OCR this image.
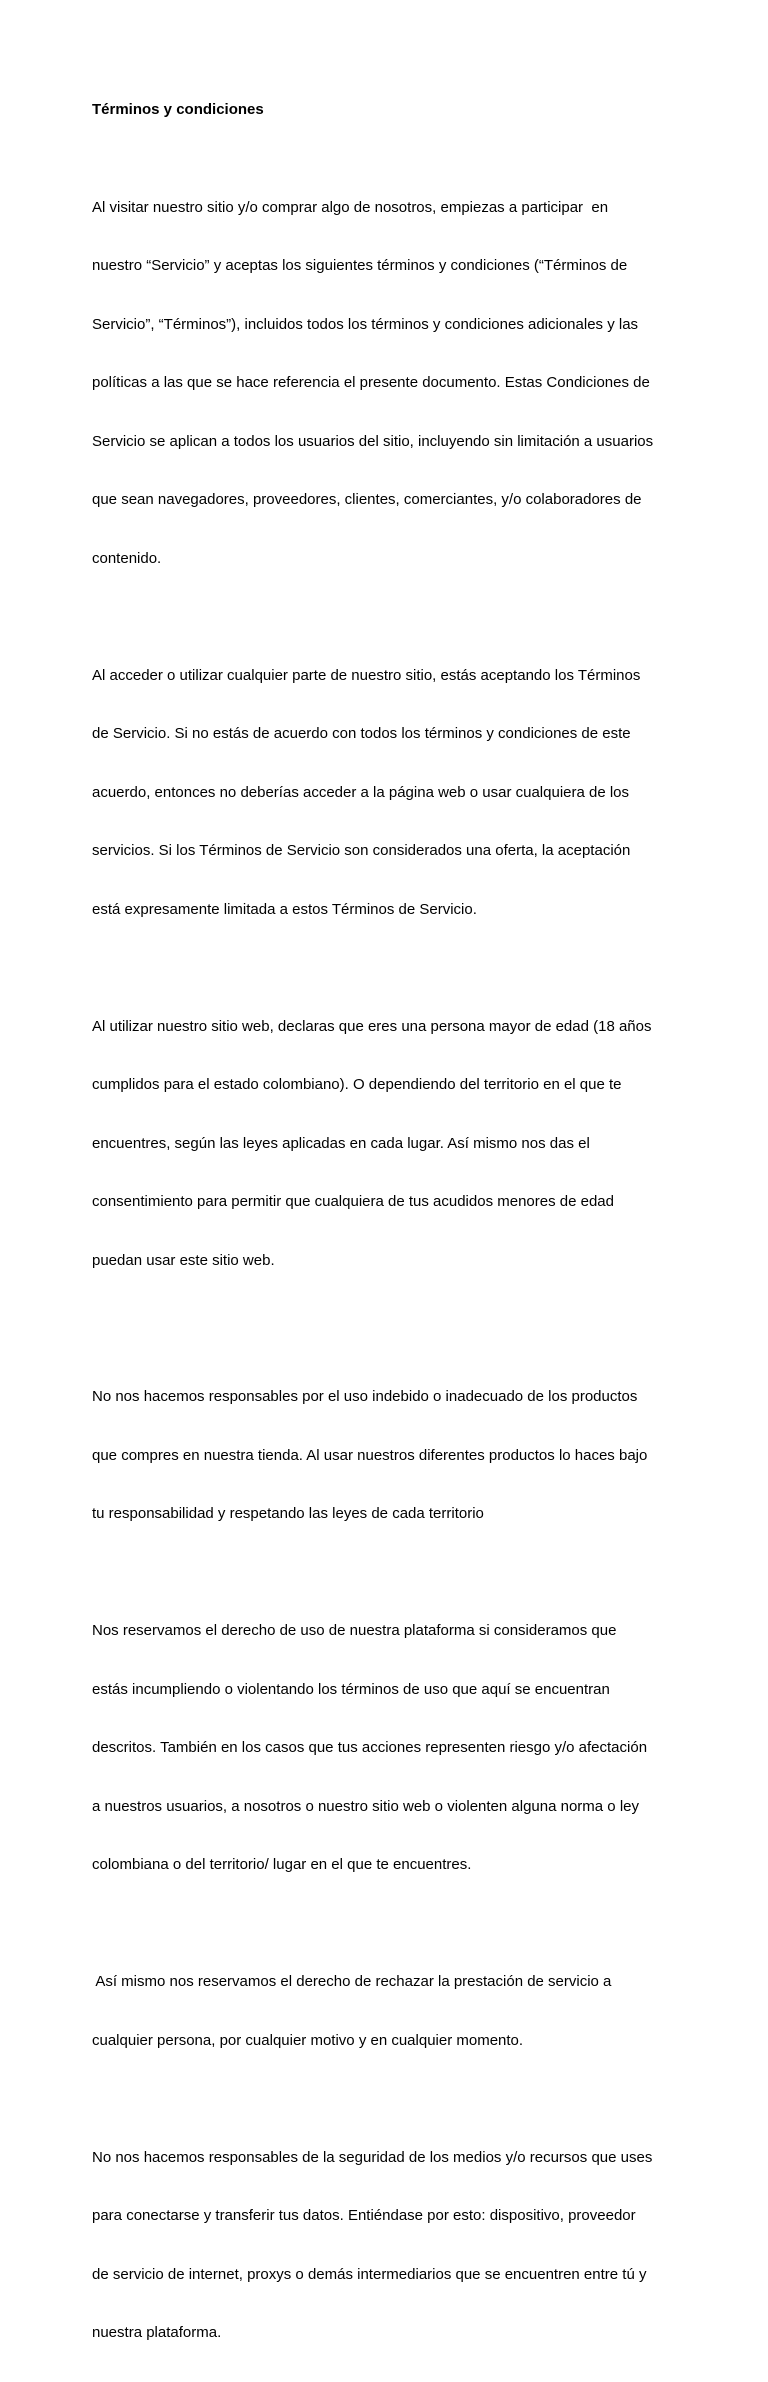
Términos y condiciones

Al visitar nuestro sitio y/o comprar algo de nosotros, empiezas a participar  en

nuestro “Servicio” y aceptas los siguientes términos y condiciones (“Términos de

Servicio”, “Términos”), incluidos todos los términos y condiciones adicionales y las

políticas a las que se hace referencia el presente documento. Estas Condiciones de

Servicio se aplican a todos los usuarios del sitio, incluyendo sin limitación a usuarios

que sean navegadores, proveedores, clientes, comerciantes, y/o colaboradores de

contenido.

Al acceder o utilizar cualquier parte de nuestro sitio, estás aceptando los Términos

de Servicio. Si no estás de acuerdo con todos los términos y condiciones de este

acuerdo, entonces no deberías acceder a la página web o usar cualquiera de los

servicios. Si los Términos de Servicio son considerados una oferta, la aceptación

está expresamente limitada a estos Términos de Servicio.

Al utilizar nuestro sitio web, declaras que eres una persona mayor de edad (18 años

cumplidos para el estado colombiano). O dependiendo del territorio en el que te

encuentres, según las leyes aplicadas en cada lugar. Así mismo nos das el

consentimiento para permitir que cualquiera de tus acudidos menores de edad

puedan usar este sitio web.

No nos hacemos responsables por el uso indebido o inadecuado de los productos

que compres en nuestra tienda. Al usar nuestros diferentes productos lo haces bajo

tu responsabilidad y respetando las leyes de cada territorio

Nos reservamos el derecho de uso de nuestra plataforma si consideramos que

estás incumpliendo o violentando los términos de uso que aquí se encuentran

descritos. También en los casos que tus acciones representen riesgo y/o afectación

a nuestros usuarios, a nosotros o nuestro sitio web o violenten alguna norma o ley

colombiana o del territorio/ lugar en el que te encuentres.

Así mismo nos reservamos el derecho de rechazar la prestación de servicio a

cualquier persona, por cualquier motivo y en cualquier momento.

No nos hacemos responsables de la seguridad de los medios y/o recursos que uses

para conectarse y transferir tus datos. Entiéndase por esto: dispositivo, proveedor

de servicio de internet, proxys o demás intermediarios que se encuentren entre tú y

nuestra plataforma.
